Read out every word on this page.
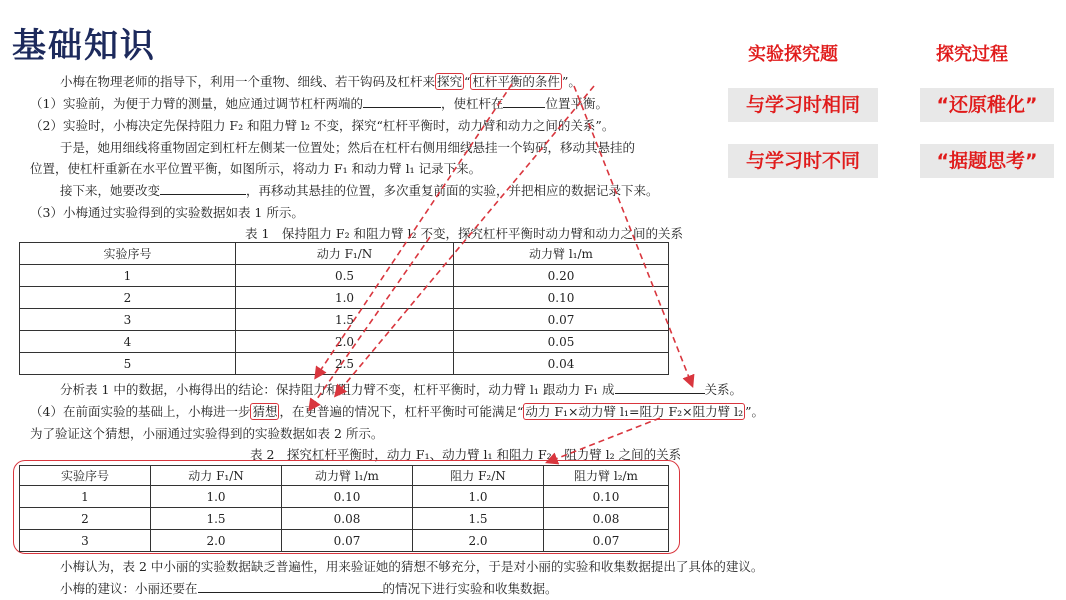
基础知识
小梅在物理老师的指导下，利用一个重物、细线、若干钩码及杠杆来 探究 “ 杠杆平衡的条件 ”。
（1）实验前，为便于力臂的测量，她应通过调节杠杆两端的	，使杠杆在	位置平衡。
（2）实验时，小梅决定先保持阻力 F₂ 和阻力臂 l₂ 不变，探究“杠杆平衡时，动力臂和动力之间的关系”。
于是，她用细线将重物固定到杠杆左侧某一位置处；然后在杠杆右侧用细线悬挂一个钩码，移动其悬挂的
位置，使杠杆重新在水平位置平衡，如图所示，将动力 F₁ 和动力臂 l₁ 记录下来。
接下来，她要改变	，再移动其悬挂的位置，多次重复前面的实验，并把相应的数据记录下来。
（3）小梅通过实验得到的实验数据如表 1 所示。
表 1　保持阻力 F₂ 和阻力臂 l₂ 不变，探究杠杆平衡时动力臂和动力之间的关系
实验序号	动力 F₁/N	动力臂 l₁/m
1	0.5	0.20
2	1.0	0.10
3	1.5	0.07
4	2.0	0.05
5	2.5	0.04
分析表 1 中的数据，小梅得出的结论：保持阻力和阻力臂不变，杠杆平衡时，动力臂 l₁ 跟动力 F₁ 成	关系。
（4）在前面实验的基础上，小梅进一步 猜想 ，在更普遍的情况下，杠杆平衡时可能满足“ 动力 F₁×动力臂 l₁=阻力 F₂×阻力臂 l₂ ”。
为了验证这个猜想，小丽通过实验得到的实验数据如表 2 所示。
表 2　探究杠杆平衡时，动力 F₁、动力臂 l₁ 和阻力 F₂、阻力臂 l₂ 之间的关系
实验序号	动力 F₁/N	动力臂 l₁/m	阻力 F₂/N	阻力臂 l₂/m
1	1.0	0.10	1.0	0.10
2	1.5	0.08	1.5	0.08
3	2.0	0.07	2.0	0.07
小梅认为，表 2 中小丽的实验数据缺乏普遍性，用来验证她的猜想不够充分，于是对小丽的实验和收集数据提出了具体的建议。
小梅的建议：小丽还要在	的情况下进行实验和收集数据。
实验探究题	探究过程
与学习时相同	“还原稚化”
与学习时不同	“据题思考”
